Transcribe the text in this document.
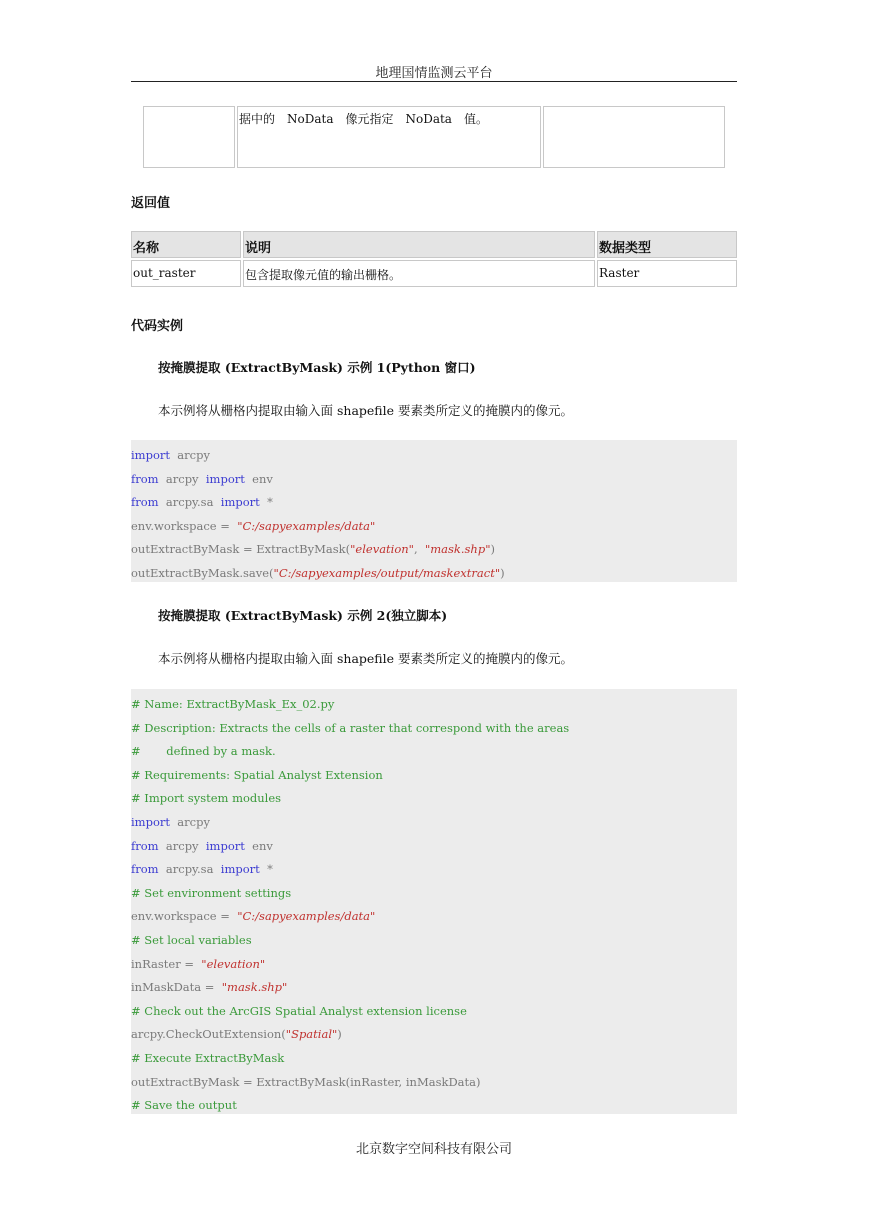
地理国情监测云平台
	据中的　NoData　像元指定　NoData　值。	
返回值
名称	说明	数据类型
out_raster	包含提取像元值的输出栅格。	Raster
代码实例
按掩膜提取 (ExtractByMask) 示例 1(Python 窗口)
本示例将从栅格内提取由输入面 shapefile 要素类所定义的掩膜内的像元。
import  arcpy
from  arcpy  import  env
from  arcpy.sa  import  *
env.workspace =  "C:/sapyexamples/data"
outExtractByMask = ExtractByMask("elevation",  "mask.shp")
outExtractByMask.save("C:/sapyexamples/output/maskextract")
按掩膜提取 (ExtractByMask) 示例 2(独立脚本)
本示例将从栅格内提取由输入面 shapefile 要素类所定义的掩膜内的像元。
# Name: ExtractByMask_Ex_02.py
# Description: Extracts the cells of a raster that correspond with the areas
#       defined by a mask.
# Requirements: Spatial Analyst Extension
# Import system modules
import  arcpy
from  arcpy  import  env
from  arcpy.sa  import  *
# Set environment settings
env.workspace =  "C:/sapyexamples/data"
# Set local variables
inRaster =  "elevation"
inMaskData =  "mask.shp"
# Check out the ArcGIS Spatial Analyst extension license
arcpy.CheckOutExtension("Spatial")
# Execute ExtractByMask
outExtractByMask = ExtractByMask(inRaster, inMaskData)
# Save the output
北京数字空间科技有限公司
